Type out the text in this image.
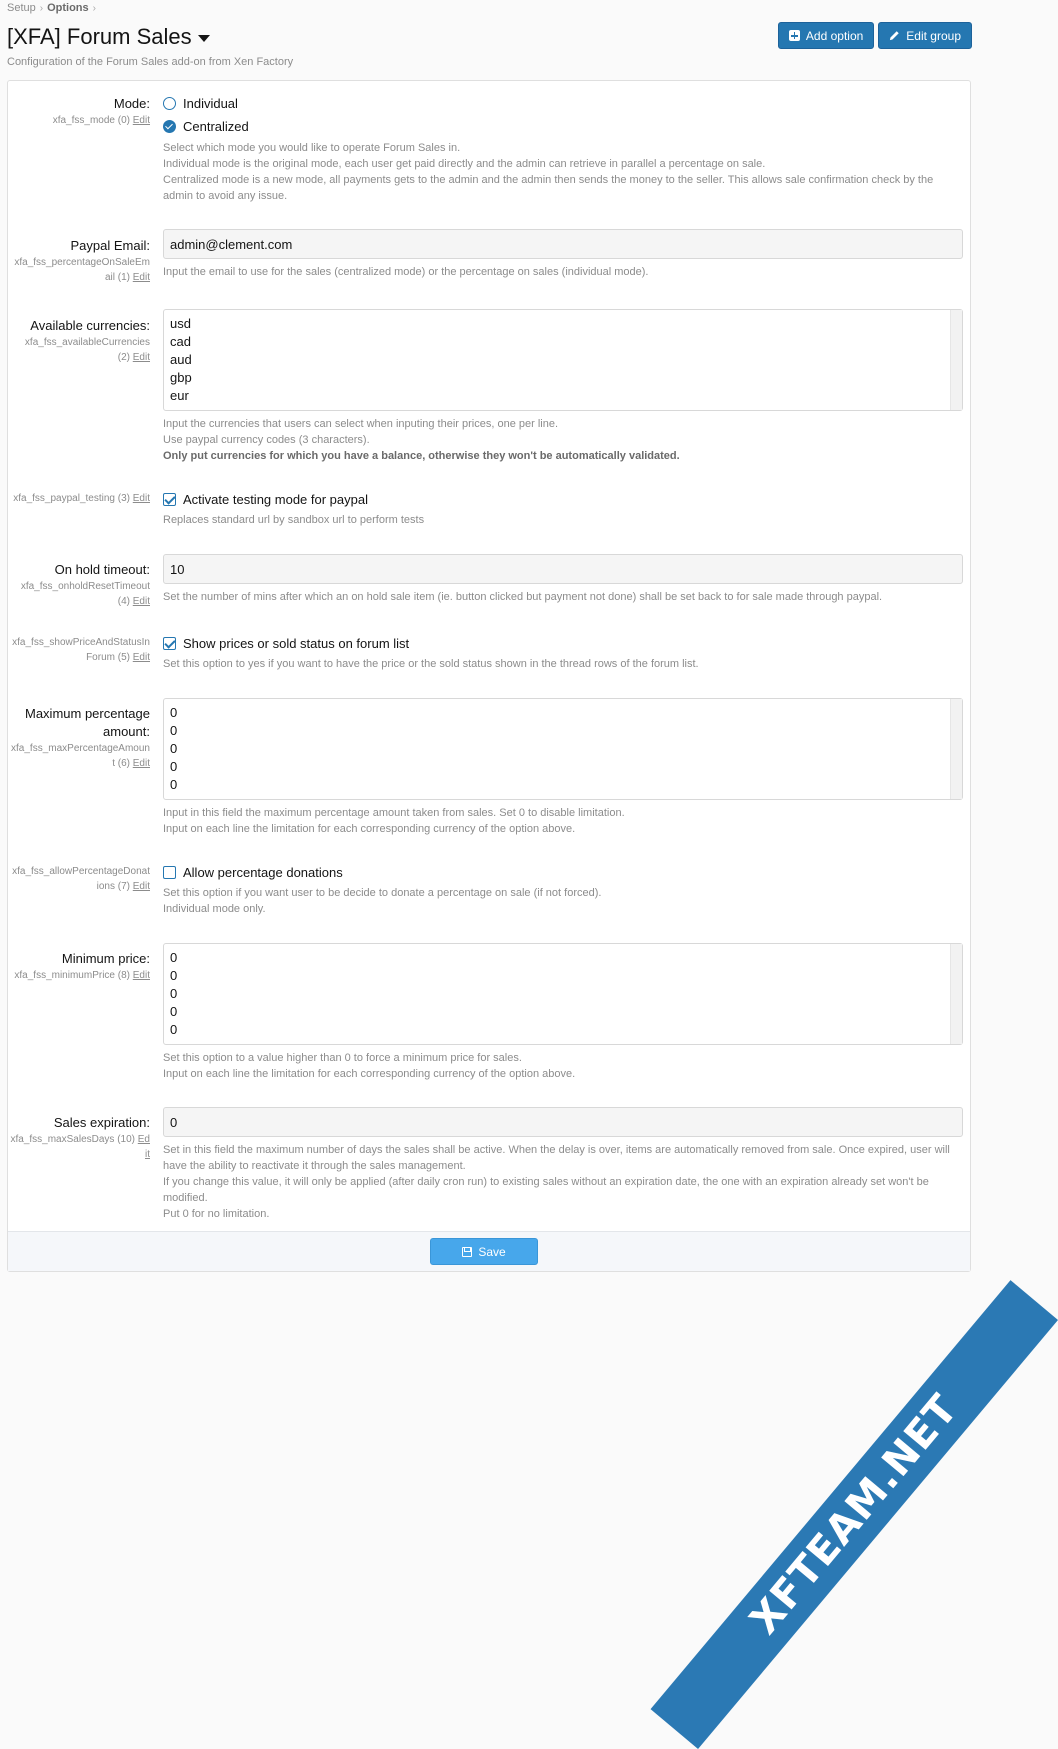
Setup › Options ›
[XFA] Forum Sales
Configuration of the Forum Sales add-on from Xen Factory
Add option	Edit group
Mode:
xfa_fss_mode (0) Edit
Individual
Centralized
Select which mode you would like to operate Forum Sales in.
Individual mode is the original mode, each user get paid directly and the admin can retrieve in parallel a percentage on sale.
Centralized mode is a new mode, all payments gets to the admin and the admin then sends the money to the seller. This allows sale confirmation check by the admin to avoid any issue.
Paypal Email:
xfa_fss_percentageOnSaleEmail (1) Edit
admin@clement.com
Input the email to use for the sales (centralized mode) or the percentage on sales (individual mode).
Available currencies:
xfa_fss_availableCurrencies (2) Edit
usd
cad
aud
gbp
eur
Input the currencies that users can select when inputing their prices, one per line.
Use paypal currency codes (3 characters).
Only put currencies for which you have a balance, otherwise they won't be automatically validated.
xfa_fss_paypal_testing (3) Edit	Activate testing mode for paypal
Replaces standard url by sandbox url to perform tests
On hold timeout:
xfa_fss_onholdResetTimeout (4) Edit
10
Set the number of mins after which an on hold sale item (ie. button clicked but payment not done) shall be set back to for sale made through paypal.
xfa_fss_showPriceAndStatusInForum (5) Edit
Show prices or sold status on forum list
Set this option to yes if you want to have the price or the sold status shown in the thread rows of the forum list.
Maximum percentage amount:
xfa_fss_maxPercentageAmount (6) Edit
0
0
0
0
0
Input in this field the maximum percentage amount taken from sales. Set 0 to disable limitation.
Input on each line the limitation for each corresponding currency of the option above.
xfa_fss_allowPercentageDonations (7) Edit
Allow percentage donations
Set this option if you want user to be decide to donate a percentage on sale (if not forced).
Individual mode only.
Minimum price:
xfa_fss_minimumPrice (8) Edit
0
0
0
0
0
Set this option to a value higher than 0 to force a minimum price for sales.
Input on each line the limitation for each corresponding currency of the option above.
Sales expiration:
xfa_fss_maxSalesDays (10) Edit
0
Set in this field the maximum number of days the sales shall be active. When the delay is over, items are automatically removed from sale. Once expired, user will have the ability to reactivate it through the sales management.
If you change this value, it will only be applied (after daily cron run) to existing sales without an expiration date, the one with an expiration already set won't be modified.
Put 0 for no limitation.
Save
XFTEAM.NET
